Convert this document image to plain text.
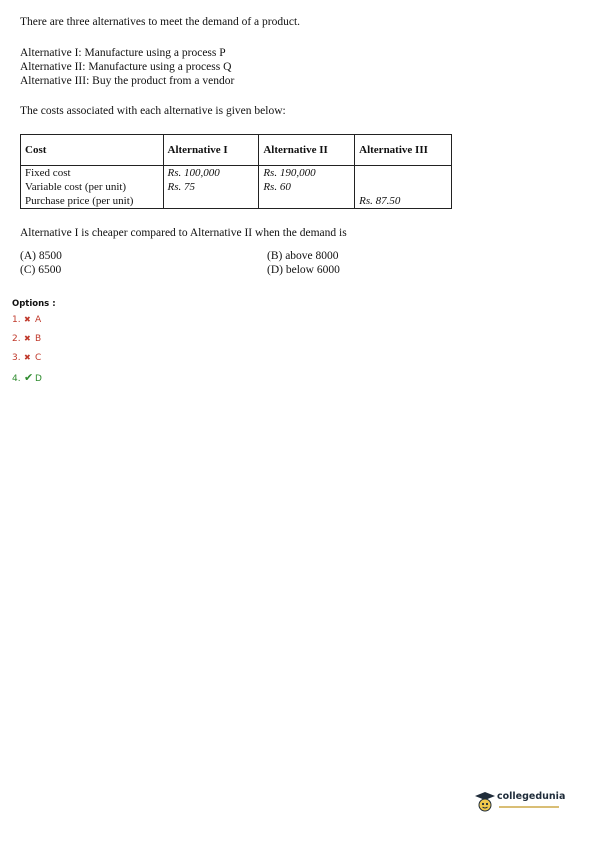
There are three alternatives to meet the demand of a product.
Alternative I: Manufacture using a process P
Alternative II: Manufacture using a process Q
Alternative III: Buy the product from a vendor
The costs associated with each alternative is given below:
Cost	Alternative I	Alternative II	Alternative III
Fixed cost	Rs. 100,000	Rs. 190,000	
Variable cost (per unit)	Rs. 75	Rs. 60	
Purchase price (per unit)			Rs. 87.50
Alternative I is cheaper compared to Alternative II when the demand is
(A) 8500	(B) above 8000
(C) 6500	(D) below 6000
Options :
1. ✖ A
2. ✖ B
3. ✖ C
4. ✔ D
collegedunia
